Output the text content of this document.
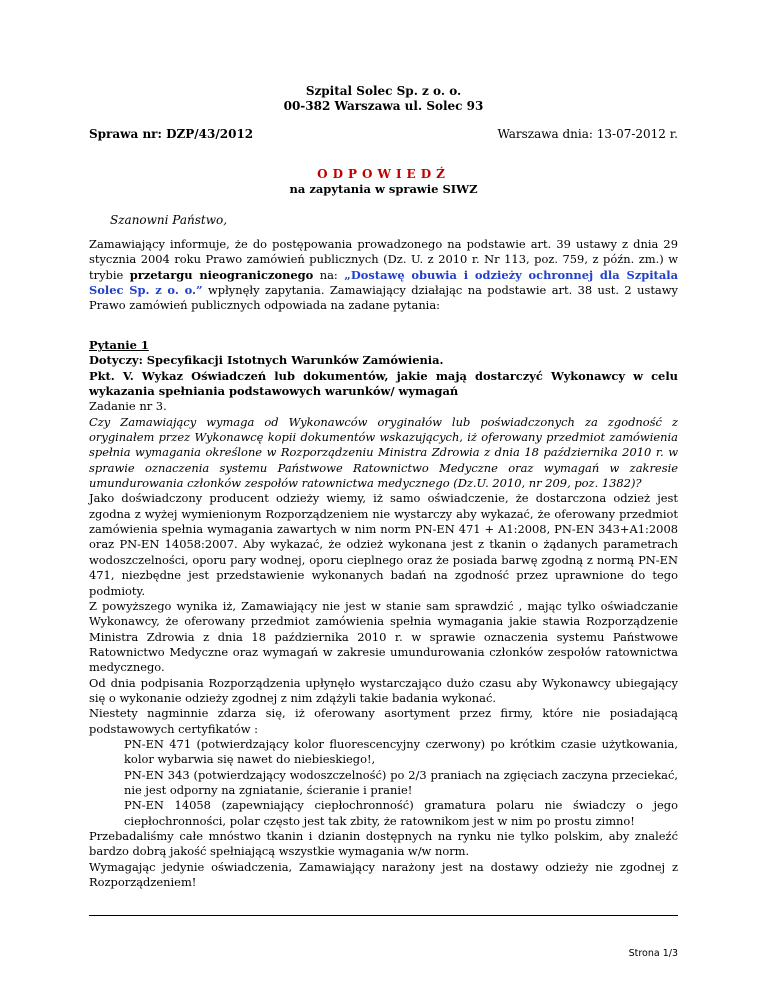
Szpital Solec Sp. z o. o.
00-382 Warszawa ul. Solec 93
Sprawa nr: DZP/43/2012	Warszawa dnia: 13-07-2012 r.
ODPOWIEDŹ
na zapytania w sprawie SIWZ
Szanowni Państwo,

Zamawiający informuje, że do postępowania prowadzonego na podstawie art. 39 ustawy z dnia 29 stycznia 2004 roku Prawo zamówień publicznych (Dz. U. z 2010 r. Nr 113, poz. 759, z późn. zm.) w trybie przetargu nieograniczonego na: „Dostawę obuwia i odzieży ochronnej dla Szpitala Solec Sp. z o. o.” wpłynęły zapytania. Zamawiający działając na podstawie art. 38 ust. 2 ustawy Prawo zamówień publicznych odpowiada na zadane pytania:

Pytanie 1

Dotyczy: Specyfikacji Istotnych Warunków Zamówienia.

Pkt. V. Wykaz Oświadczeń lub dokumentów, jakie mają dostarczyć Wykonawcy w celu wykazania spełniania podstawowych warunków/ wymagań

Zadanie nr 3.

Czy Zamawiający wymaga od Wykonawców oryginałów lub poświadczonych za zgodność z oryginałem przez Wykonawcę kopii dokumentów wskazujących, iż oferowany przedmiot zamówienia spełnia wymagania określone w Rozporządzeniu Ministra Zdrowia z dnia 18 października 2010 r. w sprawie oznaczenia systemu Państwowe Ratownictwo Medyczne oraz wymagań w zakresie umundurowania członków zespołów ratownictwa medycznego (Dz.U. 2010, nr 209, poz. 1382)?

Jako doświadczony producent odzieży wiemy, iż samo oświadczenie, że dostarczona odzież jest zgodna z wyżej wymienionym Rozporządzeniem nie wystarczy aby wykazać, że oferowany przedmiot zamówienia spełnia wymagania zawartych w nim norm PN-EN 471 + A1:2008, PN-EN 343+A1:2008 oraz PN-EN 14058:2007. Aby wykazać, że odzież wykonana jest z tkanin o żądanych parametrach wodoszczelności, oporu pary wodnej, oporu cieplnego oraz że posiada barwę zgodną z normą PN-EN 471, niezbędne jest przedstawienie wykonanych badań na zgodność przez uprawnione do tego podmioty.

Z powyższego wynika iż, Zamawiający nie jest w stanie sam sprawdzić , mając tylko oświadczanie Wykonawcy, że oferowany przedmiot zamówienia spełnia wymagania jakie stawia Rozporządzenie Ministra Zdrowia z dnia 18 października 2010 r. w sprawie oznaczenia systemu Państwowe Ratownictwo Medyczne oraz wymagań w zakresie umundurowania członków zespołów ratownictwa medycznego.

Od dnia podpisania Rozporządzenia upłynęło wystarczająco dużo czasu aby Wykonawcy ubiegający się o wykonanie odzieży zgodnej z nim zdążyli takie badania wykonać.

Niestety nagminnie zdarza się, iż oferowany asortyment przez firmy, które nie posiadającą podstawowych certyfikatów :

PN-EN 471 (potwierdzający kolor fluorescencyjny czerwony) po krótkim czasie użytkowania, kolor wybarwia się nawet do niebieskiego!,

PN-EN 343 (potwierdzający wodoszczelność) po 2/3 praniach na zgięciach zaczyna przeciekać, nie jest odporny na zgniatanie, ścieranie i pranie!

PN-EN 14058 (zapewniający ciepłochronność) gramatura polaru nie świadczy o jego ciepłochronności, polar często jest tak zbity, że ratownikom jest w nim po prostu zimno!

Przebadaliśmy całe mnóstwo tkanin i dzianin dostępnych na rynku nie tylko polskim, aby znaleźć bardzo dobrą jakość spełniającą wszystkie wymagania w/w norm.

Wymagając jedynie oświadczenia, Zamawiający narażony jest na dostawy odzieży nie zgodnej z Rozporządzeniem!

Strona 1/3
